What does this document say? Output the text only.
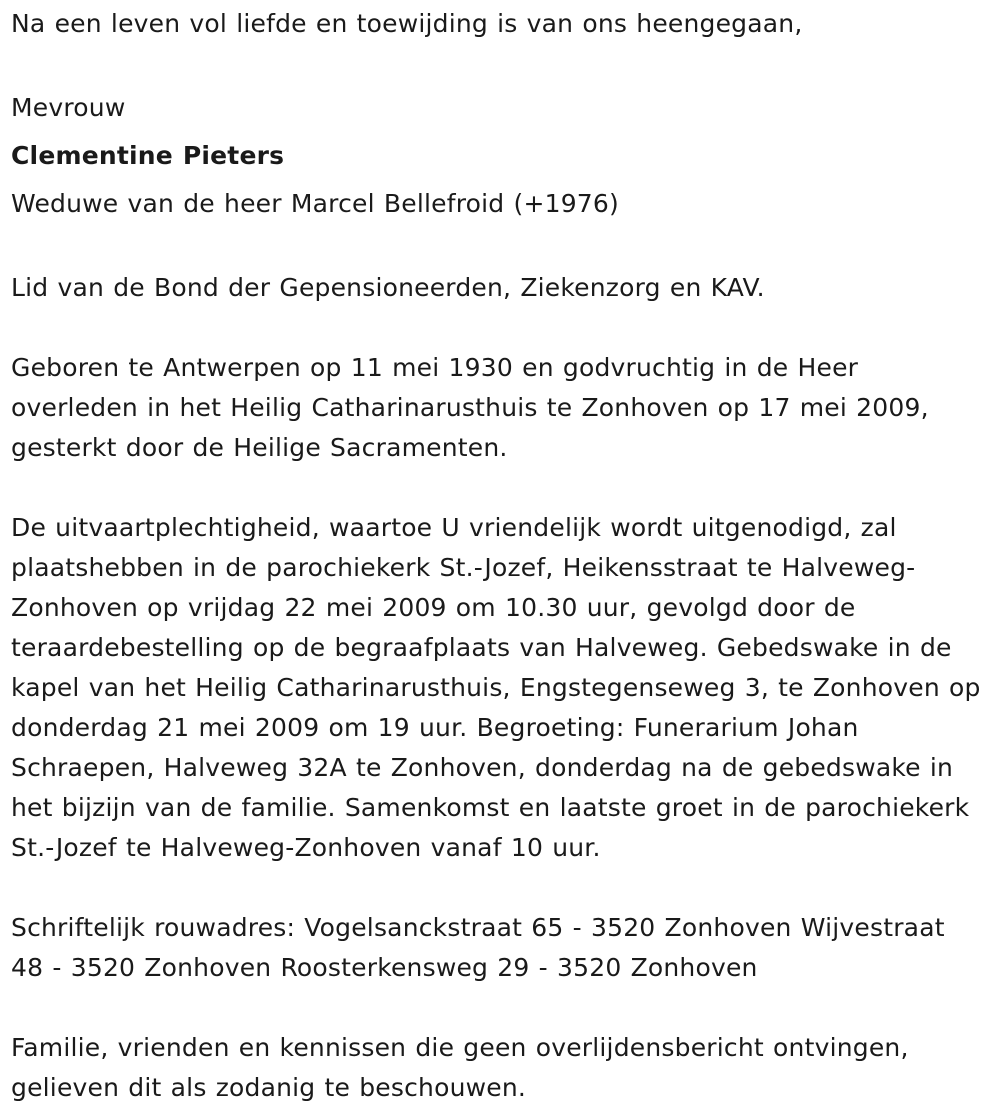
Na een leven vol liefde en toewijding is van ons heengegaan,

Mevrouw

Clementine Pieters

Weduwe van de heer Marcel Bellefroid (+1976)

Lid van de Bond der Gepensioneerden, Ziekenzorg en KAV.

Geboren te Antwerpen op 11 mei 1930 en godvruchtig in de Heer overleden in het Heilig Catharinarusthuis te Zonhoven op 17 mei 2009, gesterkt door de Heilige Sacramenten.

De uitvaartplechtigheid, waartoe U vriendelijk wordt uitgenodigd, zal plaatshebben in de parochiekerk St.-Jozef, Heikensstraat te Halveweg-Zonhoven op vrijdag 22 mei 2009 om 10.30 uur, gevolgd door de teraardebestelling op de begraafplaats van Halveweg. Gebedswake in de kapel van het Heilig Catharinarusthuis, Engstegenseweg 3, te Zonhoven op donderdag 21 mei 2009 om 19 uur. Begroeting: Funerarium Johan Schraepen, Halveweg 32A te Zonhoven, donderdag na de gebedswake in het bijzijn van de familie. Samenkomst en laatste groet in de parochiekerk St.-Jozef te Halveweg-Zonhoven vanaf 10 uur.

Schriftelijk rouwadres: Vogelsanckstraat 65 - 3520 Zonhoven Wijvestraat 48 - 3520 Zonhoven Roosterkensweg 29 - 3520 Zonhoven

Familie, vrienden en kennissen die geen overlijdensbericht ontvingen, gelieven dit als zodanig te beschouwen.
